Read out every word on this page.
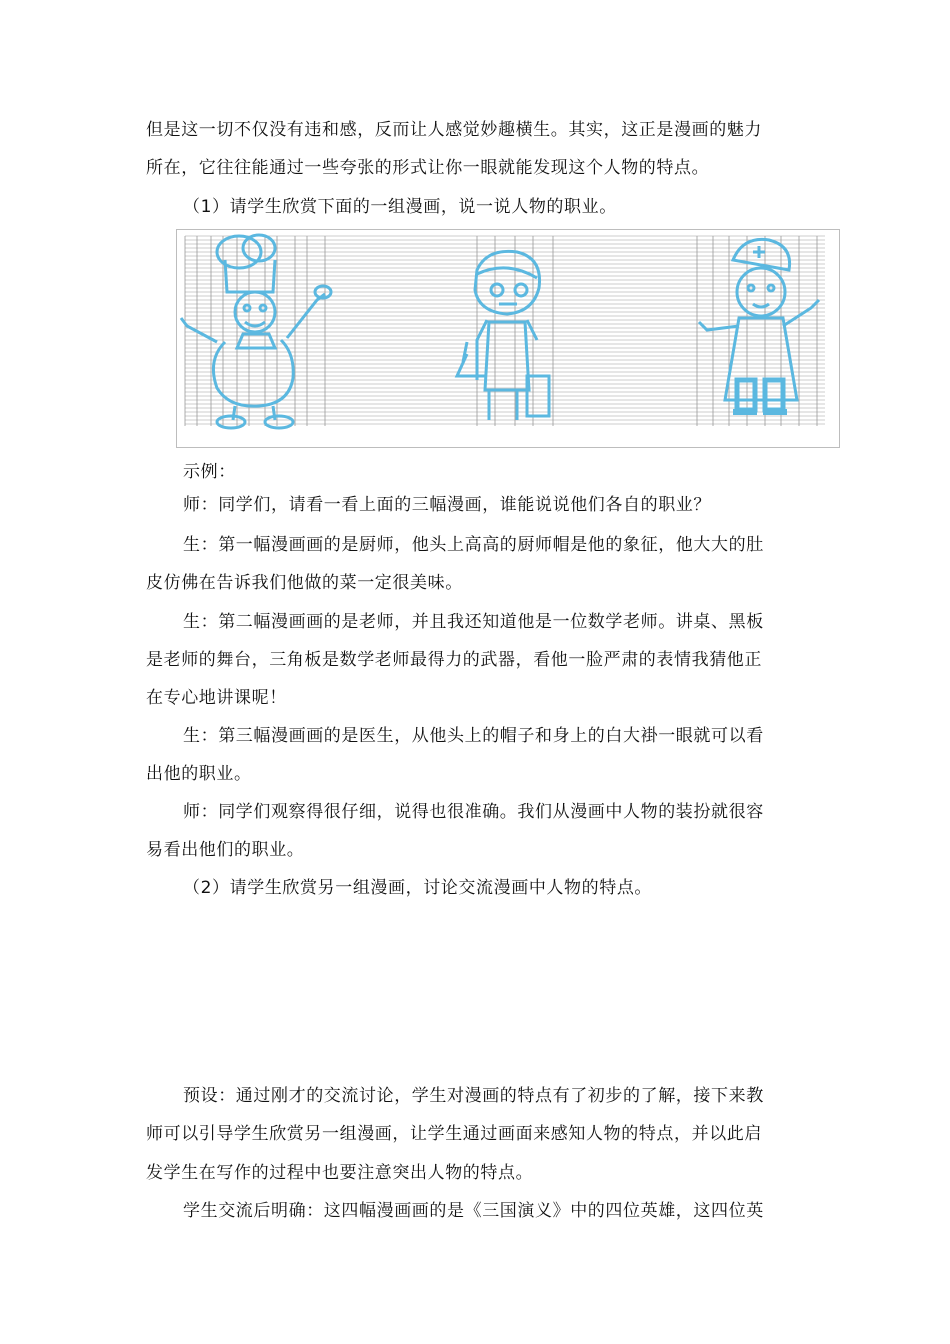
但是这一切不仅没有违和感，反而让人感觉妙趣横生。其实，这正是漫画的魅力
所在，它往往能通过一些夸张的形式让你一眼就能发现这个人物的特点。
（1）请学生欣赏下面的一组漫画，说一说人物的职业。
示例：
师：同学们，请看一看上面的三幅漫画，谁能说说他们各自的职业？
生：第一幅漫画画的是厨师，他头上高高的厨师帽是他的象征，他大大的肚
皮仿佛在告诉我们他做的菜一定很美味。
生：第二幅漫画画的是老师，并且我还知道他是一位数学老师。讲桌、黑板
是老师的舞台，三角板是数学老师最得力的武器，看他一脸严肃的表情我猜他正
在专心地讲课呢！
生：第三幅漫画画的是医生，从他头上的帽子和身上的白大褂一眼就可以看
出他的职业。
师：同学们观察得很仔细，说得也很准确。我们从漫画中人物的装扮就很容
易看出他们的职业。
（2）请学生欣赏另一组漫画，讨论交流漫画中人物的特点。
预设：通过刚才的交流讨论，学生对漫画的特点有了初步的了解，接下来教
师可以引导学生欣赏另一组漫画，让学生通过画面来感知人物的特点，并以此启
发学生在写作的过程中也要注意突出人物的特点。
学生交流后明确：这四幅漫画画的是《三国演义》中的四位英雄，这四位英
